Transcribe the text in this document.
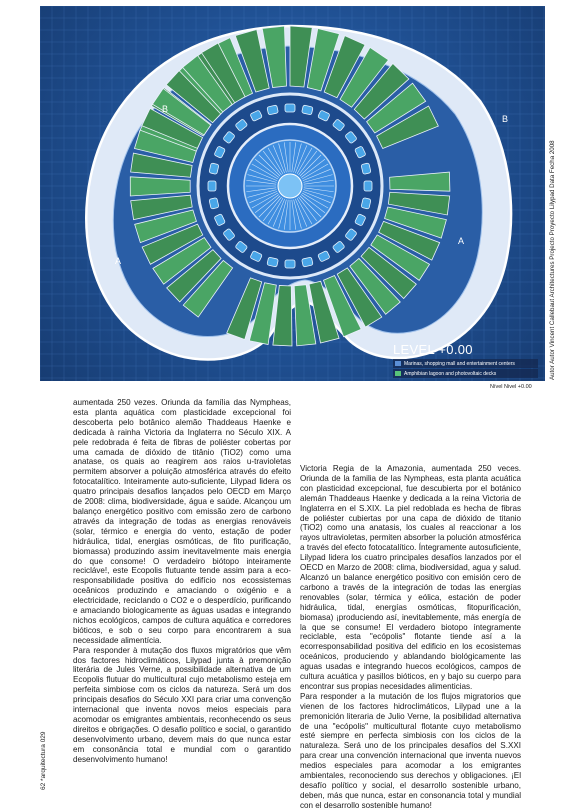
A
B
A
B
LEVEL +0.00
Marinas, shopping mall and entertainment centers
Amphibian lagoon and photovoltaic decks	Autor Autor Vincent Callebaut Architectures Projecto Proyecto Lilypad Data Fecha 2008
Nível Nivel +0.00

aumentada 250 vezes. Oriunda da família das Nympheas, esta planta aquática com plasticidade excepcional foi descoberta pelo botânico alemão Thaddeaus Haenke e dedicada à rainha Victoria da Inglaterra no Século XIX. A pele redobrada é feita de fibras de poliéster cobertas por uma camada de dióxido de titânio (TiO2) como uma anatase, os quais ao reagirem aos raios u-travioletas permitem absorver a poluição atmosférica através do efeito fotocatalítico. Inteiramente auto-suficiente, Lilypad lidera os quatro principais desafios lançados pelo OECD em Março de 2008: clima, biodiversidade, água e saúde. Alcançou um balanço energético positivo com emissão zero de carbono através da integração de todas as energias renováveis (solar, térmico e energia do vento, estação de poder hidráulica, tidal, energias osmóticas, de fito purificação, biomassa) produzindo assim inevitavelmente mais energia do que consome! O verdadeiro biótopo inteiramente recicláve!, este Ecopolis flutuante tende assim para a eco-responsabilidade positiva do edifício nos ecossistemas oceânicos produzindo e amaciando o oxigénio e a electricidade, reciclando o CO2 e o desperdício, purificando e amaciando biologicamente as águas usadas e integrando nichos ecológicos, campos de cultura aquática e corredores bióticos, e sob o seu corpo para encontrarem a sua necessidade alimentícia.

Para responder à mutação dos fluxos migratórios que vêm dos factores hidroclimáticos, Lilypad junta à premonição literária de Jules Verne, a possibilidade alternativa de um Ecopolis flutuar do multicultural cujo metabolismo esteja em perfeita simbiose com os ciclos da natureza. Será um dos principais desafios do Século XXI para criar uma convenção internacional que inventa novos meios especiais para acomodar os emigrantes ambientais, reconhecendo os seus direitos e obrigações. O desafio político e social, o garantido desenvolvimento urbano, devem mais do que nunca estar em consonância total e mundial com o garantido desenvolvimento humano!

Victoria Regia de la Amazonia, aumentada 250 veces. Oriunda de la familia de las Nympheas, esta planta acuática con plasticidad excepcional, fue descubierta por el botánico alemán Thaddeaus Haenke y dedicada a la reina Victoria de Inglaterra en el S.XIX. La piel redoblada es hecha de fibras de poliéster cubiertas por una capa de dióxido de titanio (TiO2) como una anatasis, los cuales al reaccionar a los rayos ultravioletas, permiten absorber la polución atmosférica a través del efecto fotocatalítico. Íntegramente autosuficiente, Lilypad lidera los cuatro principales desafíos lanzados por el OECD en Marzo de 2008: clima, biodiversidad, agua y salud. Alcanzó un balance energético positivo con emisión cero de carbono a través de la integración de todas las energías renovables (solar, térmica y eólica, estación de poder hidráulica, tidal, energías osmóticas, fitopurificación, biomasa) ¡produciendo así, inevitablemente, más energía de la que se consume! El verdadero biotopo íntegramente reciclable, esta "ecópolis" flotante tiende así a la ecorresponsabilidad positiva del edificio en los ecosistemas oceánicos, produciendo y ablandando biológicamente las aguas usadas e integrando huecos ecológicos, campos de cultura acuática y pasillos bióticos, en y bajo su cuerpo para encontrar sus propias necesidades alimenticias.

Para responder a la mutación de los flujos migratorios que vienen de los factores hidroclimáticos, Lilypad une a la premonición literaria de Julio Verne, la posibilidad alternativa de una "ecópolis" multicultural flotante cuyo metabolismo esté siempre en perfecta simbiosis con los ciclos de la naturaleza. Será uno de los principales desafíos del S.XXI para crear una convención internacional que inventa nuevos medios especiales para acomodar a los emigrantes ambientales, reconociendo sus derechos y obligaciones. ¡El desafío político y social, el desarrollo sostenible urbano, deben, más que nunca, estar en consonancia total y mundial con el desarrollo sostenible humano!

62 *arquitectura 029
